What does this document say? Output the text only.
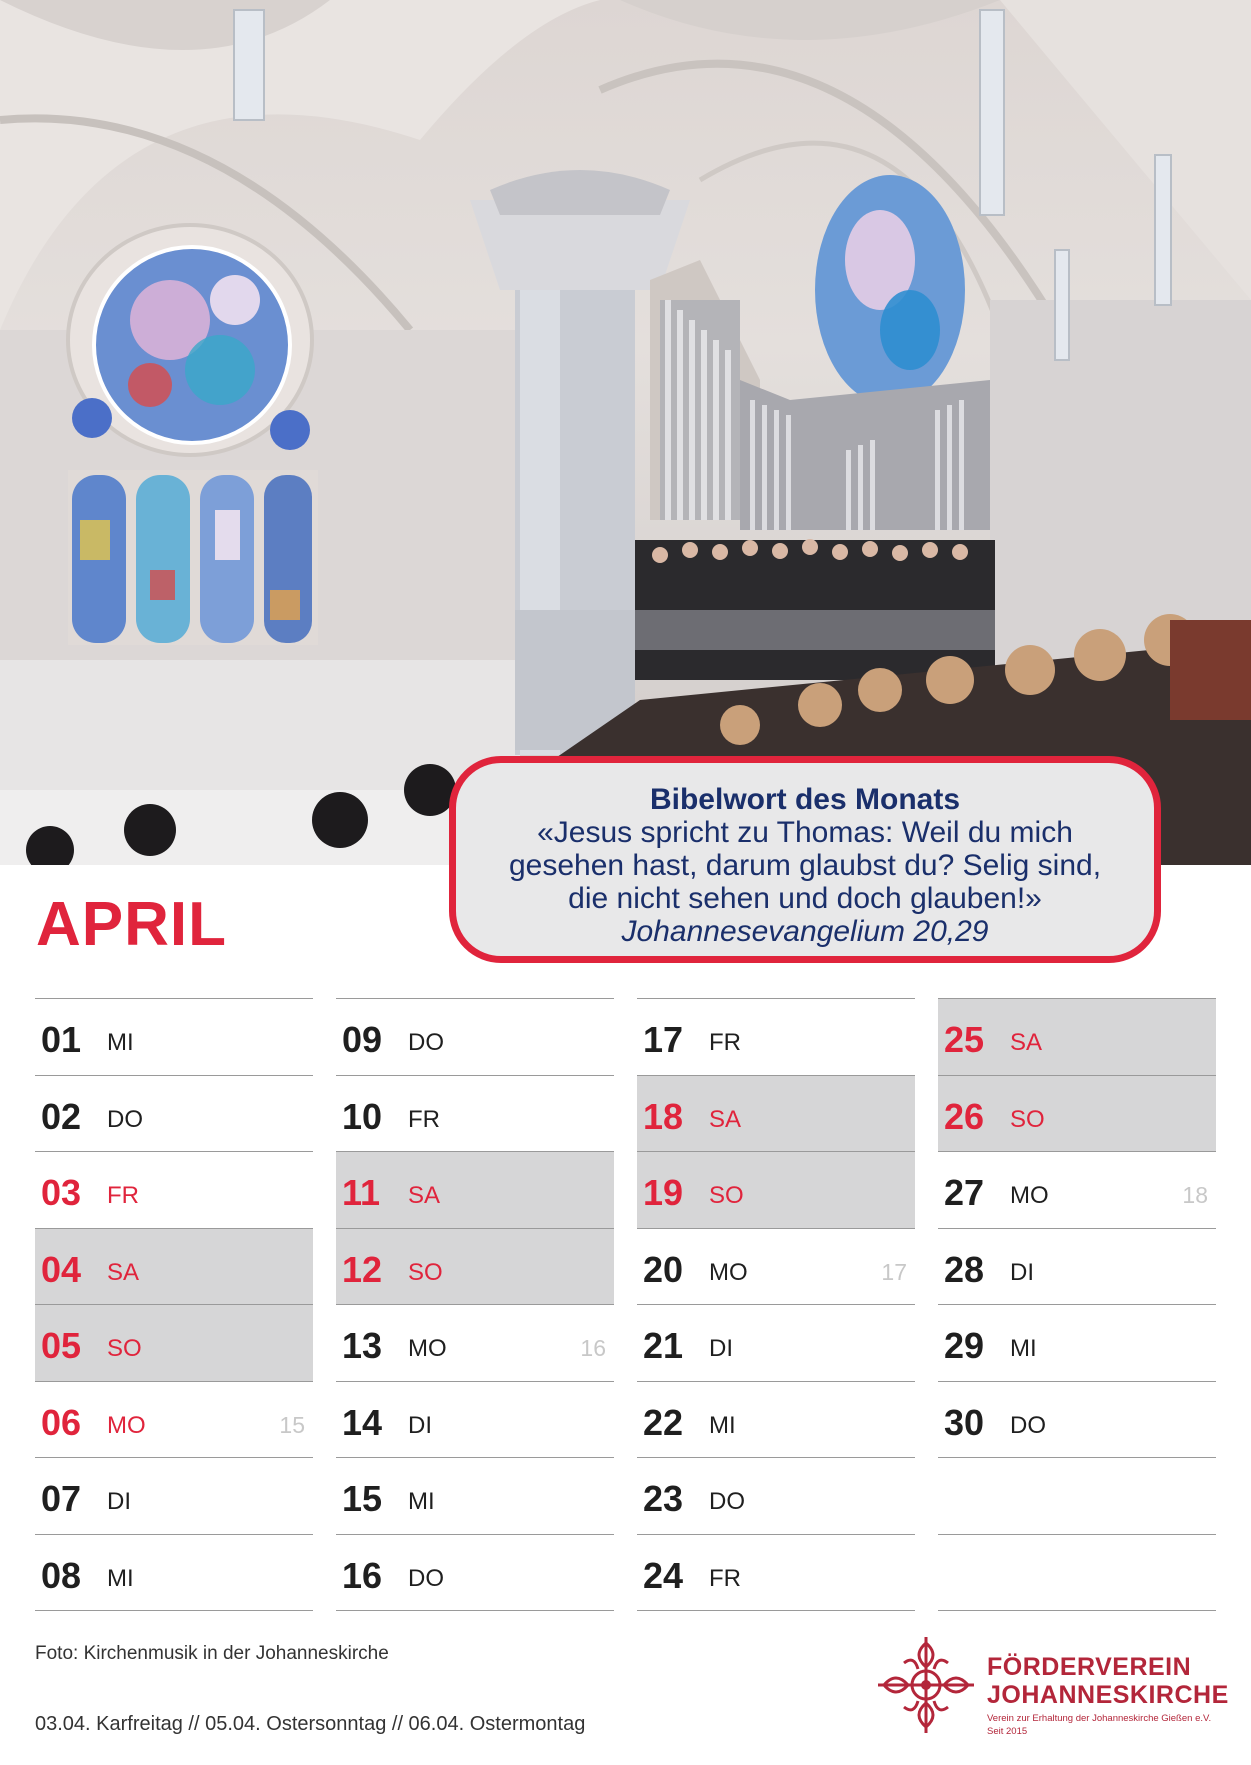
Bibelwort des Monats
«Jesus spricht zu Thomas: Weil du mich
gesehen hast, darum glaubst du? Selig sind,
die nicht sehen und doch glauben!»
Johannesevangelium 20,29
APRIL
01 MI
02 DO
03 FR
04 SA
05 SO
06 MO	15
07 DI
08 MI
09 DO
10 FR
11 SA
12 SO
13 MO	16
14 DI
15 MI
16 DO
17 FR
18 SA
19 SO
20 MO	17
21 DI
22 MI
23 DO
24 FR
25 SA
26 SO
27 MO	18
28 DI
29 MI
30 DO
Foto: Kirchenmusik in der Johanneskirche
03.04. Karfreitag // 05.04. Ostersonntag // 06.04. Ostermontag
FÖRDERVEREIN
JOHANNESKIRCHE
Verein zur Erhaltung der Johanneskirche Gießen e.V.
Seit 2015
